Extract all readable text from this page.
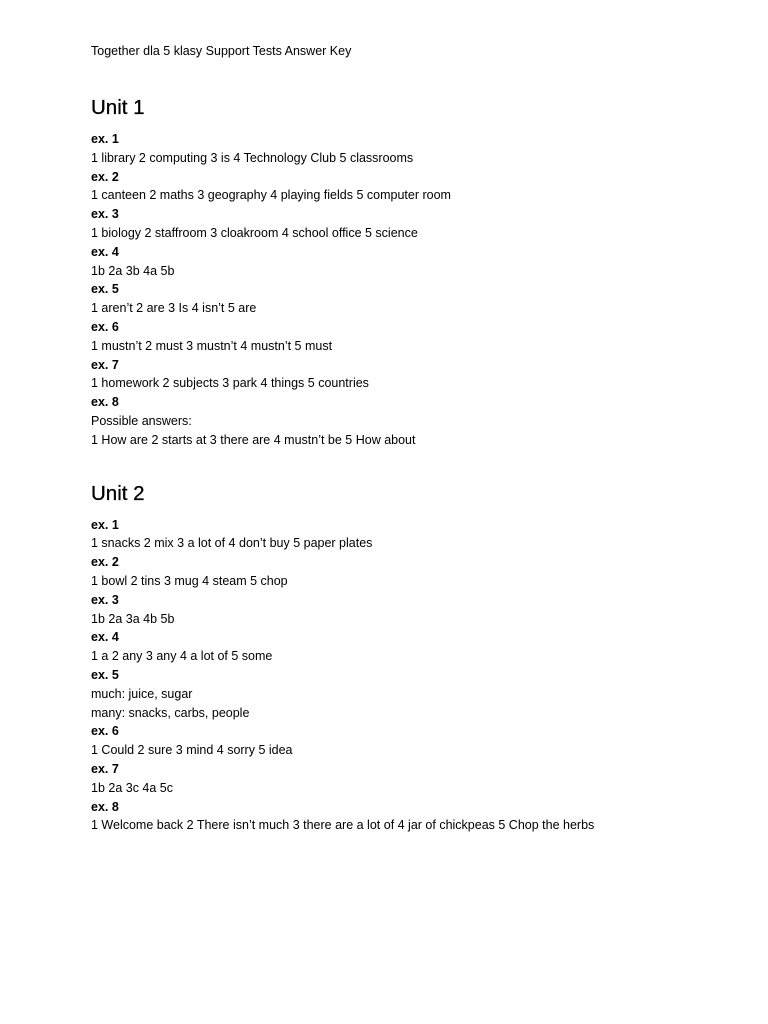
Together dla 5 klasy Support Tests Answer Key

Unit 1

ex. 1

1 library 2 computing 3 is 4 Technology Club 5 classrooms

ex. 2

1 canteen 2 maths 3 geography 4 playing fields 5 computer room

ex. 3

1 biology 2 staffroom 3 cloakroom 4 school office 5 science

ex. 4

1b 2a 3b 4a 5b

ex. 5

1 aren’t 2 are 3 Is 4 isn’t 5 are

ex. 6

1 mustn’t 2 must 3 mustn’t 4 mustn’t 5 must

ex. 7

1 homework 2 subjects 3 park 4 things 5 countries

ex. 8

Possible answers:

1 How are 2 starts at 3 there are 4 mustn’t be 5 How about

Unit 2

ex. 1

1 snacks 2 mix 3 a lot of 4 don’t buy 5 paper plates

ex. 2

1 bowl 2 tins 3 mug 4 steam 5 chop

ex. 3

1b 2a 3a 4b 5b

ex. 4

1 a 2 any 3 any 4 a lot of 5 some

ex. 5

much: juice, sugar

many: snacks, carbs, people

ex. 6

1 Could 2 sure 3 mind 4 sorry 5 idea

ex. 7

1b 2a 3c 4a 5c

ex. 8

1 Welcome back 2 There isn’t much 3 there are a lot of 4 jar of chickpeas 5 Chop the herbs
